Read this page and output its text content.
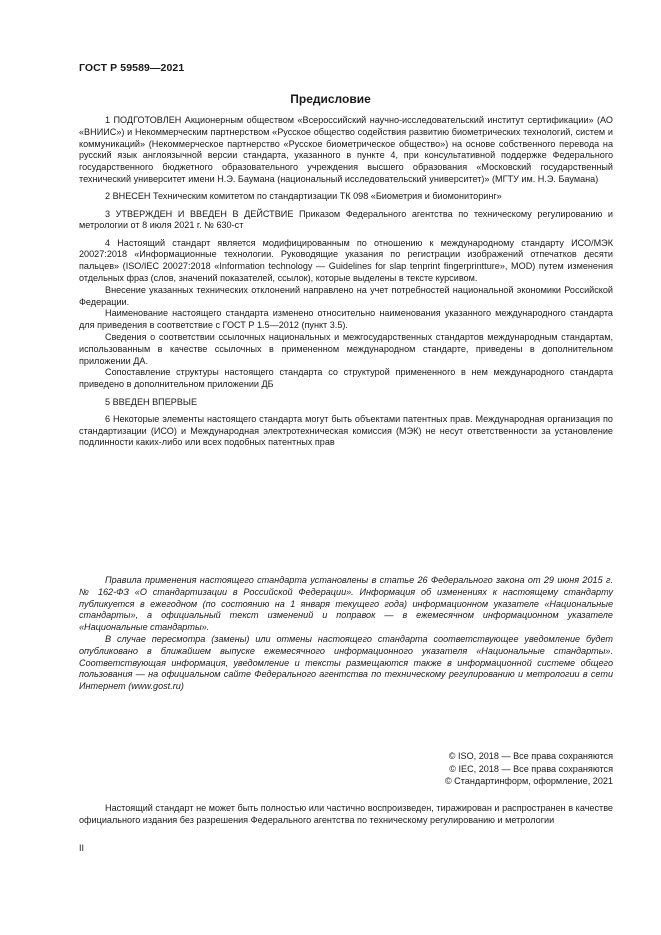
ГОСТ Р 59589—2021
Предисловие

1 ПОДГОТОВЛЕН Акционерным обществом «Всероссийский научно-исследовательский институт сертификации» (АО «ВНИИС») и Некоммерческим партнерством «Русское общество содействия развитию биометрических технологий, систем и коммуникаций» (Некоммерческое партнерство «Русское биометрическое общество») на основе собственного перевода на русский язык англоязычной версии стандарта, указанного в пункте 4, при консультативной поддержке Федерального государственного бюджетного образовательного учреждения высшего образования «Московский государственный технический университет имени Н.Э. Баумана (национальный исследовательский университет)» (МГТУ им. Н.Э. Баумана)

2 ВНЕСЕН Техническим комитетом по стандартизации ТК 098 «Биометрия и биомониторинг»

3 УТВЕРЖДЕН И ВВЕДЕН В ДЕЙСТВИЕ Приказом Федерального агентства по техническому регулированию и метрологии от 8 июля 2021 г. № 630-ст

4 Настоящий стандарт является модифицированным по отношению к международному стандарту ИСО/МЭК 20027:2018 «Информационные технологии. Руководящие указания по регистрации изображений отпечатков десяти пальцев» (ISO/IEC 20027:2018 «Information technology — Guidelines for slap tenprint fingerprintture», MOD) путем изменения отдельных фраз (слов, значений показателей, ссылок), которые выделены в тексте курсивом.

Внесение указанных технических отклонений направлено на учет потребностей национальной экономики Российской Федерации.

Наименование настоящего стандарта изменено относительно наименования указанного международного стандарта для приведения в соответствие с ГОСТ Р 1.5—2012 (пункт 3.5).

Сведения о соответствии ссылочных национальных и межгосударственных стандартов международным стандартам, использованным в качестве ссылочных в примененном международном стандарте, приведены в дополнительном приложении ДА.

Сопоставление структуры настоящего стандарта со структурой примененного в нем международного стандарта приведено в дополнительном приложении ДБ

5 ВВЕДЕН ВПЕРВЫЕ

6 Некоторые элементы настоящего стандарта могут быть объектами патентных прав. Международная организация по стандартизации (ИСО) и Международная электротехническая комиссия (МЭК) не несут ответственности за установление подлинности каких-либо или всех подобных патентных прав

Правила применения настоящего стандарта установлены в статье 26 Федерального закона от 29 июня 2015 г. № 162-ФЗ «О стандартизации в Российской Федерации». Информация об изменениях к настоящему стандарту публикуется в ежегодном (по состоянию на 1 января текущего года) информационном указателе «Национальные стандарты», а официальный текст изменений и поправок — в ежемесячном информационном указателе «Национальные стандарты».

В случае пересмотра (замены) или отмены настоящего стандарта соответствующее уведомление будет опубликовано в ближайшем выпуске ежемесячного информационного указателя «Национальные стандарты». Соответствующая информация, уведомление и тексты размещаются также в информационной системе общего пользования — на официальном сайте Федерального агентства по техническому регулированию и метрологии в сети Интернет (www.gost.ru)

© ISO, 2018 — Все права сохраняются
© IEC, 2018 — Все права сохраняются
© Стандартинформ, оформление, 2021

Настоящий стандарт не может быть полностью или частично воспроизведен, тиражирован и распространен в качестве официального издания без разрешения Федерального агентства по техническому регулированию и метрологии

II
